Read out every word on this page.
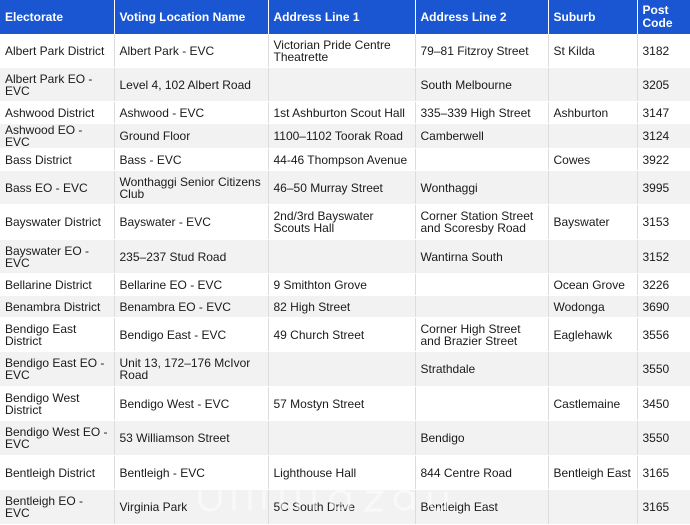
Electorate	Voting Location Name	Address Line 1	Address Line 2	Suburb	Post Code
Albert Park District	Albert Park - EVC	Victorian Pride Centre Theatrette	79–81 Fitzroy Street	St Kilda	3182
Albert Park EO - EVC	Level 4, 102 Albert Road		South Melbourne		3205
Ashwood District	Ashwood - EVC	1st Ashburton Scout Hall	335–339 High Street	Ashburton	3147
Ashwood EO - EVC	Ground Floor	1100–1102 Toorak Road	Camberwell		3124
Bass District	Bass - EVC	44-46 Thompson Avenue		Cowes	3922
Bass EO - EVC	Wonthaggi Senior Citizens Club	46–50 Murray Street	Wonthaggi		3995
Bayswater District	Bayswater - EVC	2nd/3rd Bayswater Scouts Hall	Corner Station Street and Scoresby Road	Bayswater	3153
Bayswater EO - EVC	235–237 Stud Road		Wantirna South		3152
Bellarine District	Bellarine EO - EVC	9 Smithton Grove		Ocean Grove	3226
Benambra District	Benambra EO - EVC	82 High Street		Wodonga	3690
Bendigo East District	Bendigo East - EVC	49 Church Street	Corner High Street and Brazier Street	Eaglehawk	3556
Bendigo East EO - EVC	Unit 13, 172–176 McIvor Road		Strathdale		3550
Bendigo West District	Bendigo West - EVC	57 Mostyn Street		Castlemaine	3450
Bendigo West EO - EVC	53 Williamson Street		Bendigo		3550
Bentleigh District	Bentleigh - EVC	Lighthouse Hall	844 Centre Road	Bentleigh East	3165
Bentleigh EO - EVC	Virginia Park	5C South Drive	Bentleigh East		3165
